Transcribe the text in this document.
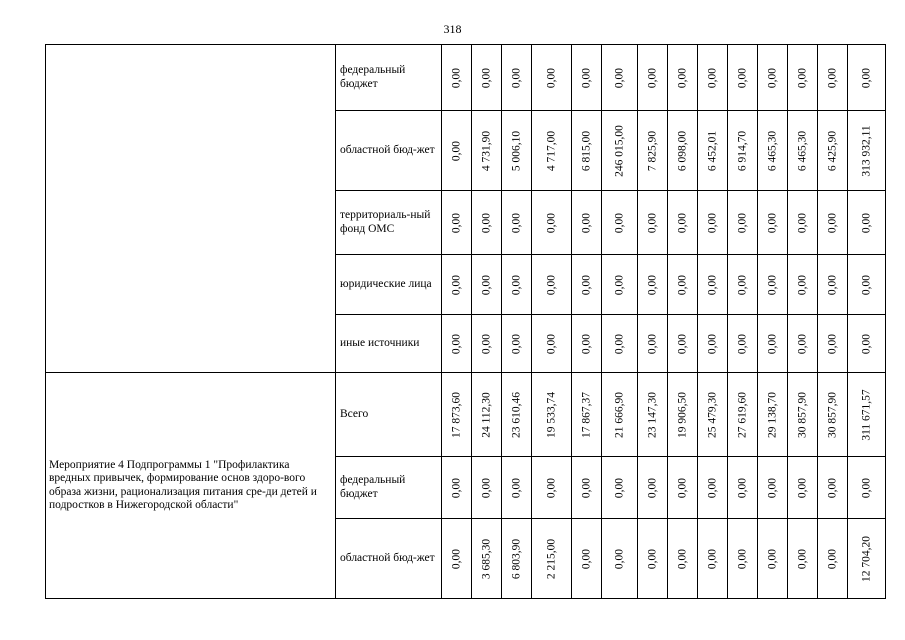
318
	федеральный бюджет	0,00	0,00	0,00	0,00	0,00	0,00	0,00	0,00	0,00	0,00	0,00	0,00	0,00	0,00

	областной бюд-жет	0,00	4 731,90	5 006,10	4 717,00	6 815,00	246 015,00	7 825,90	6 098,00	6 452,01	6 914,70	6 465,30	6 465,30	6 425,90	313 932,11

	территориаль-ный фонд ОМС	0,00	0,00	0,00	0,00	0,00	0,00	0,00	0,00	0,00	0,00	0,00	0,00	0,00	0,00

	юридические лица	0,00	0,00	0,00	0,00	0,00	0,00	0,00	0,00	0,00	0,00	0,00	0,00	0,00	0,00

	иные источники	0,00	0,00	0,00	0,00	0,00	0,00	0,00	0,00	0,00	0,00	0,00	0,00	0,00	0,00

Мероприятие 4 Подпрограммы 1 "Профилактика вредных привычек, формирование основ здоро-вого образа жизни, рационализация питания сре-ди детей и подростков в Нижегородской области"	Всего	17 873,60	24 112,30	23 610,46	19 533,74	17 867,37	21 666,90	23 147,30	19 906,50	25 479,30	27 619,60	29 138,70	30 857,90	30 857,90	311 671,57

	федеральный бюджет	0,00	0,00	0,00	0,00	0,00	0,00	0,00	0,00	0,00	0,00	0,00	0,00	0,00	0,00

	областной бюд-жет	0,00	3 685,30	6 803,90	2 215,00	0,00	0,00	0,00	0,00	0,00	0,00	0,00	0,00	0,00	12 704,20
